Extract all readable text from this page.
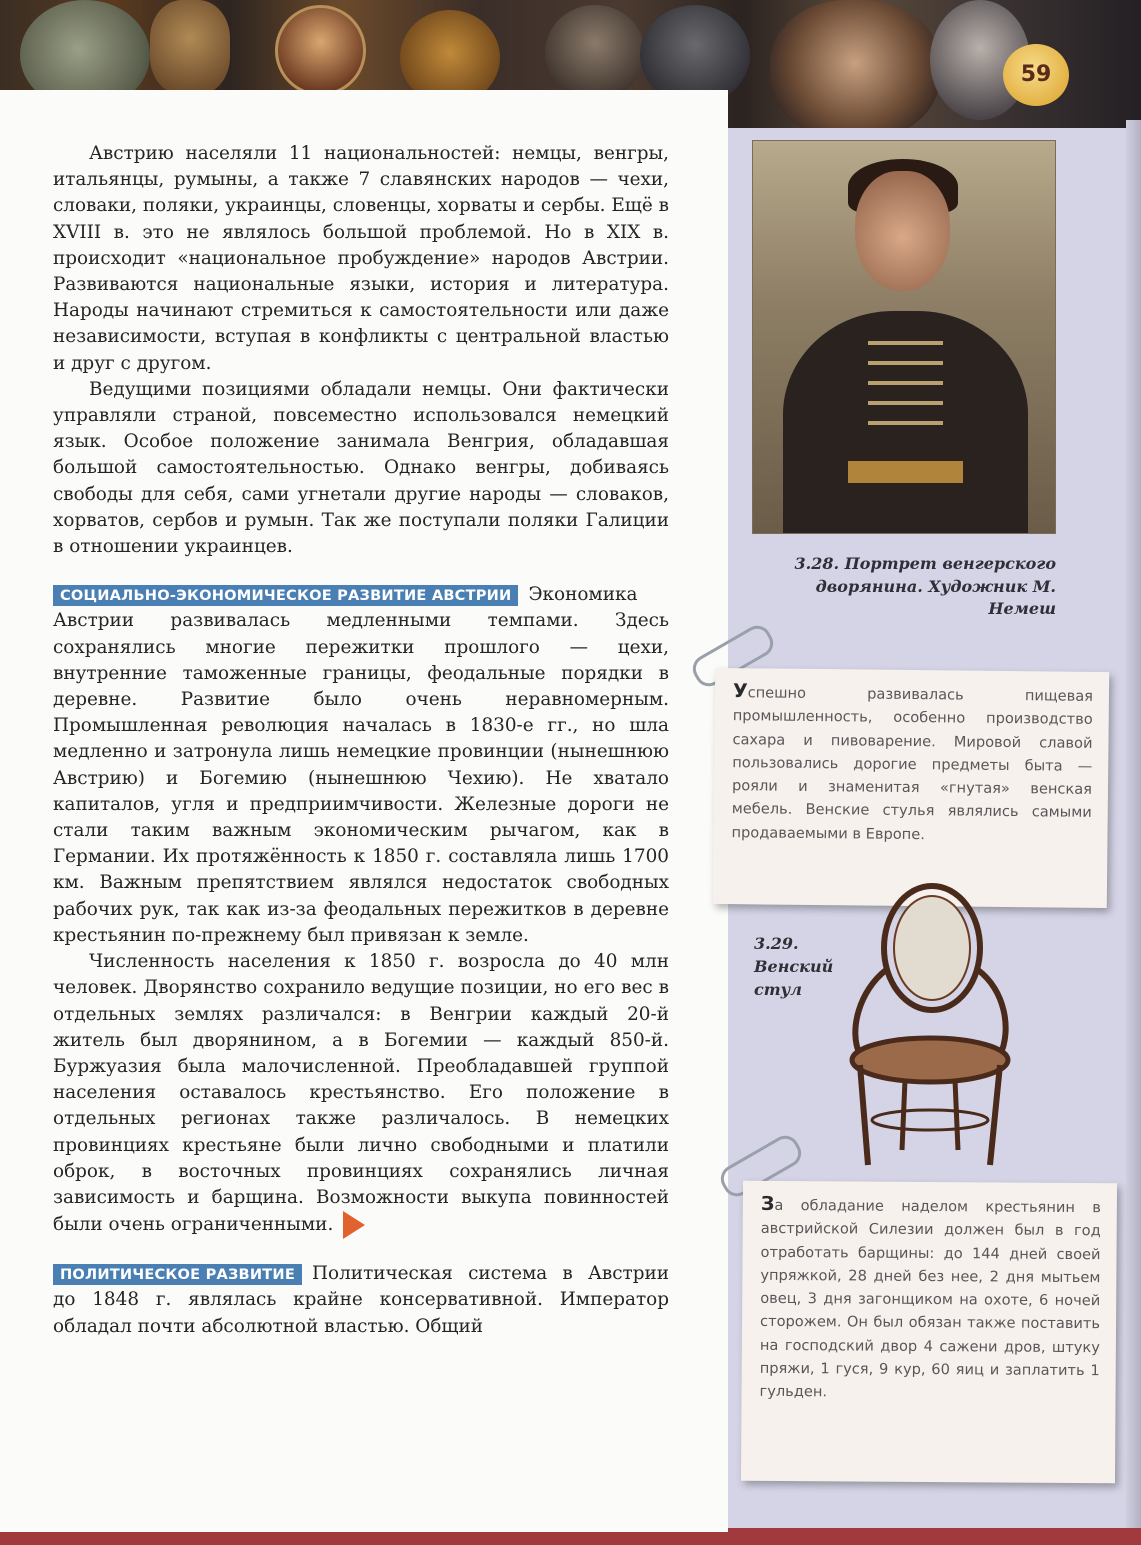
59

Австрию населяли 11 национальностей: немцы, венгры, итальянцы, румыны, а также 7 славянских народов — чехи, словаки, поляки, украинцы, словенцы, хорваты и сербы. Ещё в XVIII в. это не являлось большой проблемой. Но в XIX в. происходит «национальное пробуждение» народов Австрии. Развиваются национальные языки, история и литература. Народы начинают стремиться к самостоятельности или даже независимости, вступая в конфликты с центральной властью и друг с другом.

Ведущими позициями обладали немцы. Они фактически управляли страной, повсеместно использовался немецкий язык. Особое положение занимала Венгрия, обладавшая большой самостоятельностью. Однако венгры, добиваясь свободы для себя, сами угнетали другие народы — словаков, хорватов, сербов и румын. Так же поступали поляки Галиции в отношении украинцев.

СОЦИАЛЬНО-ЭКОНОМИЧЕСКОЕ РАЗВИТИЕ АВСТРИИ Экономика Австрии развивалась медленными темпами. Здесь сохранялись многие пережитки прошлого — цехи, внутренние таможенные границы, феодальные порядки в деревне. Развитие было очень неравномерным. Промышленная революция началась в 1830-е гг., но шла медленно и затронула лишь немецкие провинции (нынешнюю Австрию) и Богемию (нынешнюю Чехию). Не хватало капиталов, угля и предприимчивости. Железные дороги не стали таким важным экономическим рычагом, как в Германии. Их протяжённость к 1850 г. составляла лишь 1700 км. Важным препятствием являлся недостаток свободных рабочих рук, так как из-за феодальных пережитков в деревне крестьянин по-прежнему был привязан к земле.

Численность населения к 1850 г. возросла до 40 млн человек. Дворянство сохранило ведущие позиции, но его вес в отдельных землях различался: в Венгрии каждый 20-й житель был дворянином, а в Богемии — каждый 850-й. Буржуазия была малочисленной. Преобладавшей группой населения оставалось крестьянство. Его положение в отдельных регионах также различалось. В немецких провинциях крестьяне были лично свободными и платили оброк, в восточных провинциях сохранялись личная зависимость и барщина. Возможности выкупа повинностей были очень ограниченными.

ПОЛИТИЧЕСКОЕ РАЗВИТИЕ Политическая система в Австрии до 1848 г. являлась крайне консервативной. Император обладал почти абсолютной властью. Общий

3.28. Портрет венгерского дворянина. Художник М. Немеш
Успешно развивалась пищевая промышленность, особенно производство сахара и пивоварение. Мировой славой пользовались дорогие предметы быта — рояли и знаменитая «гнутая» венская мебель. Венские стулья являлись самыми продаваемыми в Европе.
3.29. Венский стул
За обладание наделом крестьянин в австрийской Силезии должен был в год отработать барщины: до 144 дней своей упряжкой, 28 дней без нее, 2 дня мытьем овец, 3 дня загонщиком на охоте, 6 ночей сторожем. Он был обязан также поставить на господский двор 4 сажени дров, штуку пряжи, 1 гуся, 9 кур, 60 яиц и заплатить 1 гульден.
